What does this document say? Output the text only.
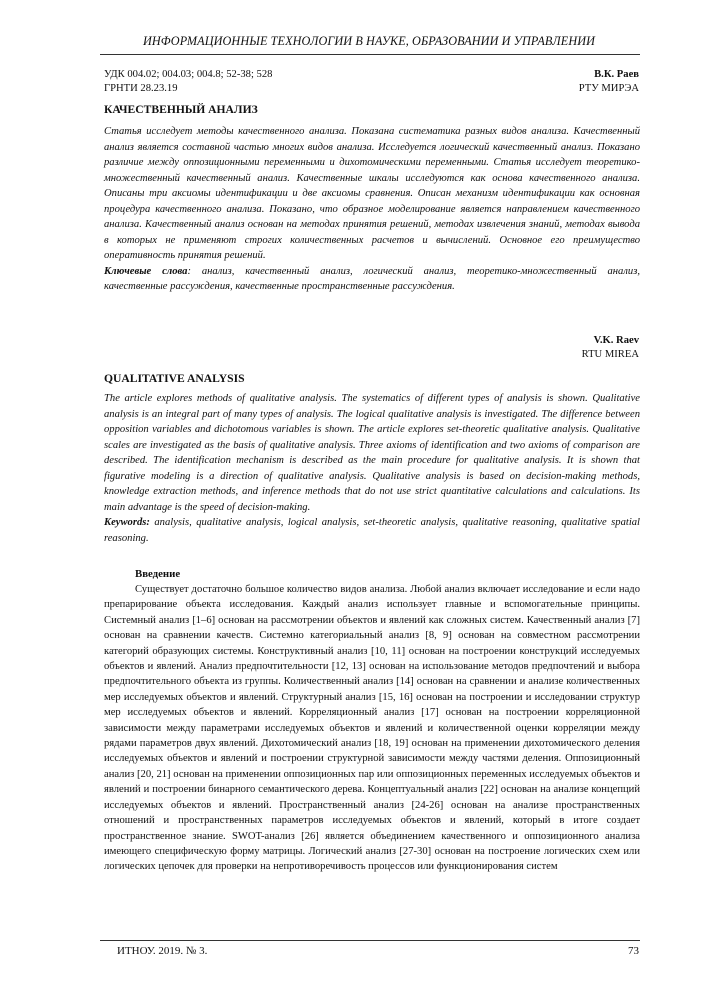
ИНФОРМАЦИОННЫЕ ТЕХНОЛОГИИ В НАУКЕ, ОБРАЗОВАНИИ И УПРАВЛЕНИИ
УДК 004.02; 004.03; 004.8; 52-38; 528
ГРНТИ 28.23.19
В.К. Раев
РТУ МИРЭА
КАЧЕСТВЕННЫЙ АНАЛИЗ
Статья исследует методы качественного анализа. Показана систематика разных видов анализа. Качественный анализ является составной частью многих видов анализа. Исследуется логический качественный анализ. Показано различие между оппозиционными переменными и дихотомическими переменными. Статья исследует теоретико-множественный качественный анализ. Качественные шкалы исследуются как основа качественного анализа. Описаны три аксиомы идентификации и две аксиомы сравнения. Описан механизм идентификации как основная процедура качественного анализа. Показано, что образное моделирование является направлением качественного анализа. Качественный анализ основан на методах принятия решений, методах извлечения знаний, методах вывода в которых не применяют строгих количественных расчетов и вычислений. Основное его преимущество оперативность принятия решений.
Ключевые слова: анализ, качественный анализ, логический анализ, теоретико-множественный анализ, качественные рассуждения, качественные пространственные рассуждения.
V.K. Raev
RTU MIREA
QUALITATIVE ANALYSIS
The article explores methods of qualitative analysis. The systematics of different types of analysis is shown. Qualitative analysis is an integral part of many types of analysis. The logical qualitative analysis is investigated. The difference between opposition variables and dichotomous variables is shown. The article explores set-theoretic qualitative analysis. Qualitative scales are investigated as the basis of qualitative analysis. Three axioms of identification and two axioms of comparison are described. The identification mechanism is described as the main procedure for qualitative analysis. It is shown that figurative modeling is a direction of qualitative analysis. Qualitative analysis is based on decision-making methods, knowledge extraction methods, and inference methods that do not use strict quantitative calculations and calculations. Its main advantage is the speed of decision-making.
Keywords: analysis, qualitative analysis, logical analysis, set-theoretic analysis, qualitative reasoning, qualitative spatial reasoning.
Введение

Существует достаточно большое количество видов анализа. Любой анализ включает исследование и если надо препарирование объекта исследования. Каждый анализ использует главные и вспомогательные принципы. Системный анализ [1–6] основан на рассмотрении объектов и явлений как сложных систем. Качественный анализ [7] основан на сравнении качеств. Системно категориальный анализ [8, 9] основан на совместном рассмотрении категорий образующих системы. Конструктивный анализ [10, 11] основан на построении конструкций исследуемых объектов и явлений. Анализ предпочтительности [12, 13] основан на использование методов предпочтений и выбора предпочтительного объекта из группы. Количественный анализ [14] основан на сравнении и анализе количественных мер исследуемых объектов и явлений. Структурный анализ [15, 16] основан на построении и исследовании структур мер исследуемых объектов и явлений. Корреляционный анализ [17] основан на построении корреляционной зависимости между параметрами исследуемых объектов и явлений и количественной оценки корреляции между рядами параметров двух явлений. Дихотомический анализ [18, 19] основан на применении дихотомического деления исследуемых объектов и явлений и построении структурной зависимости между частями деления. Оппозиционный анализ [20, 21] основан на применении оппозиционных пар или оппозиционных переменных исследуемых объектов и явлений и построении бинарного семантического дерева. Концептуальный анализ [22] основан на анализе концепций исследуемых объектов и явлений. Пространственный анализ [24-26] основан на анализе пространственных отношений и пространственных параметров исследуемых объектов и явлений, который в итоге создает пространственное знание. SWOT-анализ [26] является объединением качественного и оппозиционного анализа имеющего специфическую форму матрицы. Логический анализ [27-30] основан на построение логических схем или логических цепочек для проверки на непротиворечивость процессов или функционирования систем

ИТНОУ. 2019. № 3.	73
